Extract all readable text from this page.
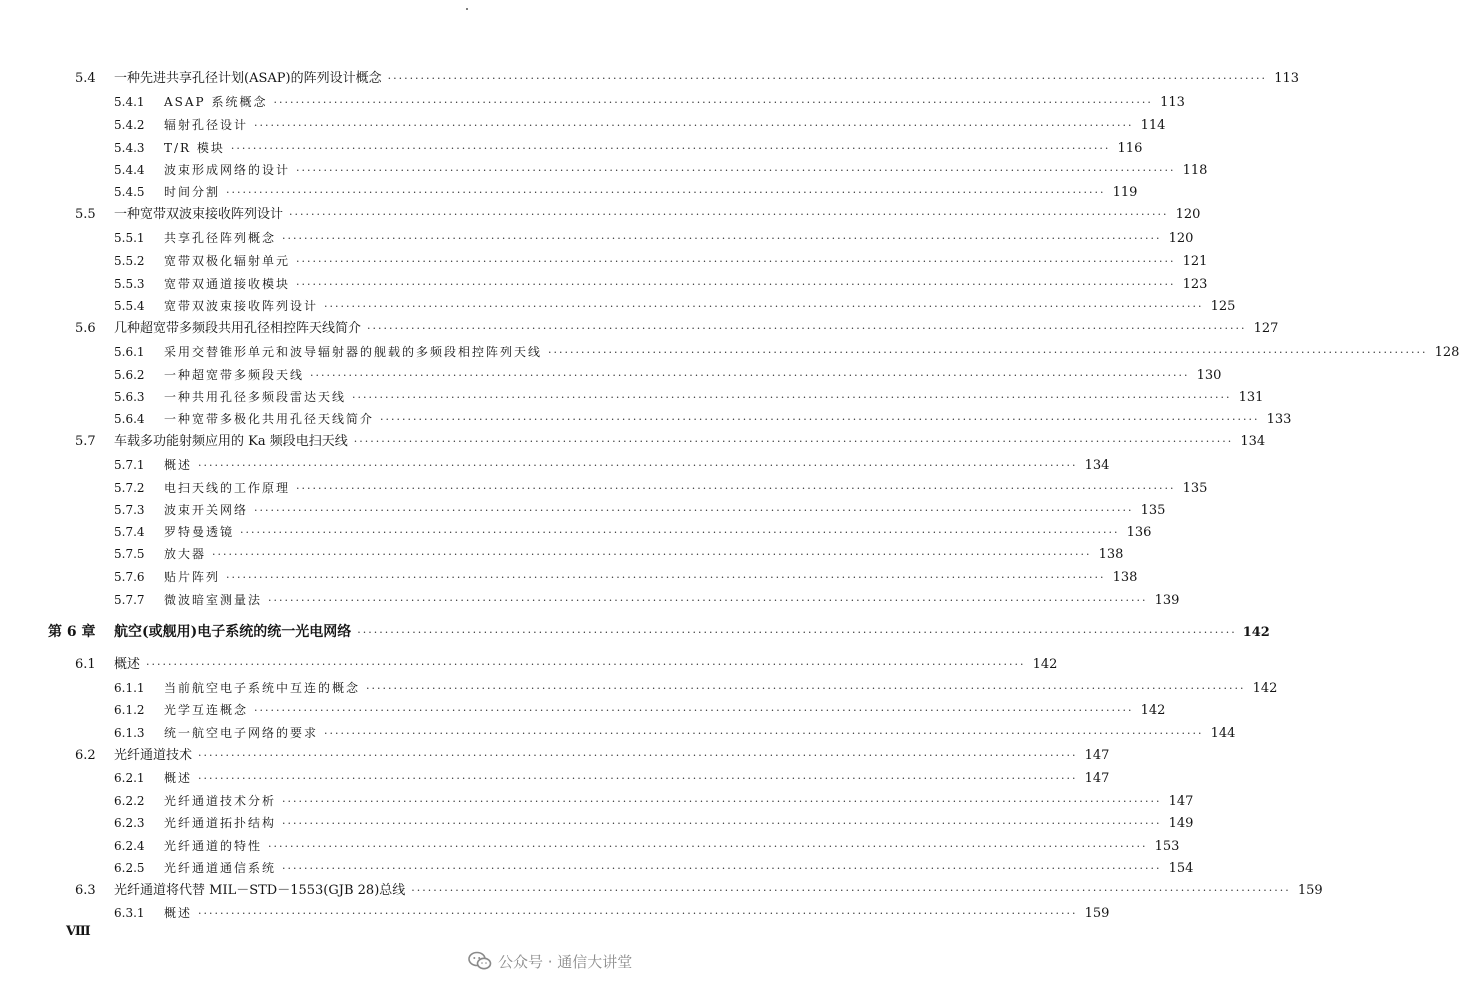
5.4 一种先进共享孔径计划(ASAP)的阵列设计概念 ································································································································································ 113
5.4.1 ASAP 系统概念 ································································································································································ 113
5.4.2 辐射孔径设计 ································································································································································ 114
5.4.3 T/R 模块 ································································································································································ 116
5.4.4 波束形成网络的设计 ································································································································································ 118
5.4.5 时间分割 ································································································································································ 119
5.5 一种宽带双波束接收阵列设计 ································································································································································ 120
5.5.1 共享孔径阵列概念 ································································································································································ 120
5.5.2 宽带双极化辐射单元 ································································································································································ 121
5.5.3 宽带双通道接收模块 ································································································································································ 123
5.5.4 宽带双波束接收阵列设计 ································································································································································ 125
5.6 几种超宽带多频段共用孔径相控阵天线简介 ································································································································································ 127
5.6.1 采用交替锥形单元和波导辐射器的舰载的多频段相控阵列天线 ································································································································································ 128
5.6.2 一种超宽带多频段天线 ································································································································································ 130
5.6.3 一种共用孔径多频段雷达天线 ································································································································································ 131
5.6.4 一种宽带多极化共用孔径天线简介 ································································································································································ 133
5.7 车载多功能射频应用的 Ka 频段电扫天线 ································································································································································ 134
5.7.1 概述 ································································································································································ 134
5.7.2 电扫天线的工作原理 ································································································································································ 135
5.7.3 波束开关网络 ································································································································································ 135
5.7.4 罗特曼透镜 ································································································································································ 136
5.7.5 放大器 ································································································································································ 138
5.7.6 贴片阵列 ································································································································································ 138
5.7.7 微波暗室测量法 ································································································································································ 139
第 6 章 航空(或舰用)电子系统的统一光电网络 ································································································································································ 142
6.1 概述 ································································································································································ 142
6.1.1 当前航空电子系统中互连的概念 ································································································································································ 142
6.1.2 光学互连概念 ································································································································································ 142
6.1.3 统一航空电子网络的要求 ································································································································································ 144
6.2 光纤通道技术 ································································································································································ 147
6.2.1 概述 ································································································································································ 147
6.2.2 光纤通道技术分析 ································································································································································ 147
6.2.3 光纤通道拓扑结构 ································································································································································ 149
6.2.4 光纤通道的特性 ································································································································································ 153
6.2.5 光纤通道通信系统 ································································································································································ 154
6.3 光纤通道将代替 MIL－STD－1553(GJB 28)总线 ································································································································································ 159
6.3.1 概述 ································································································································································ 159
Ⅷ
公众号 · 通信大讲堂
